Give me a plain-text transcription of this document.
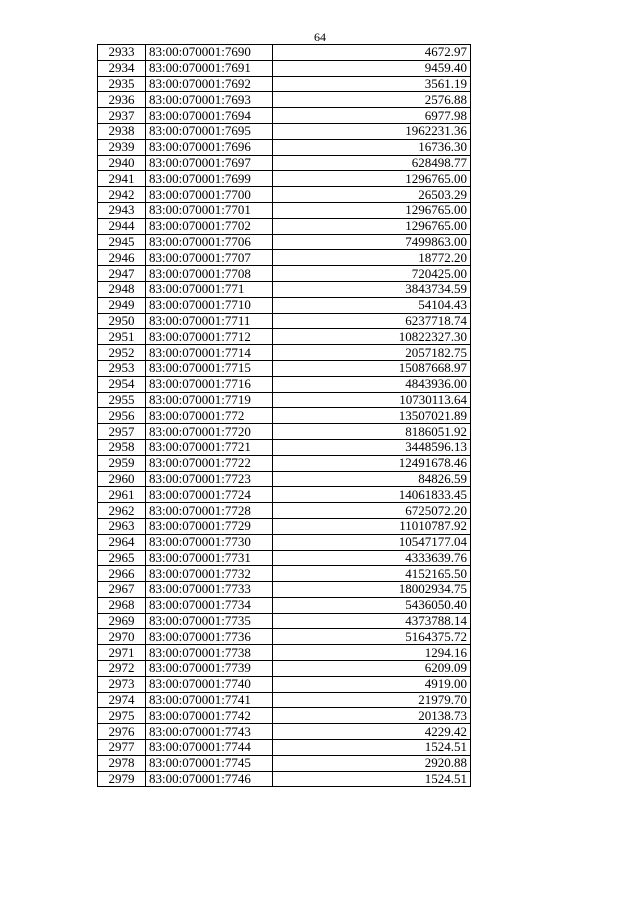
64
2933	83:00:070001:7690	4672.97
2934	83:00:070001:7691	9459.40
2935	83:00:070001:7692	3561.19
2936	83:00:070001:7693	2576.88
2937	83:00:070001:7694	6977.98
2938	83:00:070001:7695	1962231.36
2939	83:00:070001:7696	16736.30
2940	83:00:070001:7697	628498.77
2941	83:00:070001:7699	1296765.00
2942	83:00:070001:7700	26503.29
2943	83:00:070001:7701	1296765.00
2944	83:00:070001:7702	1296765.00
2945	83:00:070001:7706	7499863.00
2946	83:00:070001:7707	18772.20
2947	83:00:070001:7708	720425.00
2948	83:00:070001:771	3843734.59
2949	83:00:070001:7710	54104.43
2950	83:00:070001:7711	6237718.74
2951	83:00:070001:7712	10822327.30
2952	83:00:070001:7714	2057182.75
2953	83:00:070001:7715	15087668.97
2954	83:00:070001:7716	4843936.00
2955	83:00:070001:7719	10730113.64
2956	83:00:070001:772	13507021.89
2957	83:00:070001:7720	8186051.92
2958	83:00:070001:7721	3448596.13
2959	83:00:070001:7722	12491678.46
2960	83:00:070001:7723	84826.59
2961	83:00:070001:7724	14061833.45
2962	83:00:070001:7728	6725072.20
2963	83:00:070001:7729	11010787.92
2964	83:00:070001:7730	10547177.04
2965	83:00:070001:7731	4333639.76
2966	83:00:070001:7732	4152165.50
2967	83:00:070001:7733	18002934.75
2968	83:00:070001:7734	5436050.40
2969	83:00:070001:7735	4373788.14
2970	83:00:070001:7736	5164375.72
2971	83:00:070001:7738	1294.16
2972	83:00:070001:7739	6209.09
2973	83:00:070001:7740	4919.00
2974	83:00:070001:7741	21979.70
2975	83:00:070001:7742	20138.73
2976	83:00:070001:7743	4229.42
2977	83:00:070001:7744	1524.51
2978	83:00:070001:7745	2920.88
2979	83:00:070001:7746	1524.51
